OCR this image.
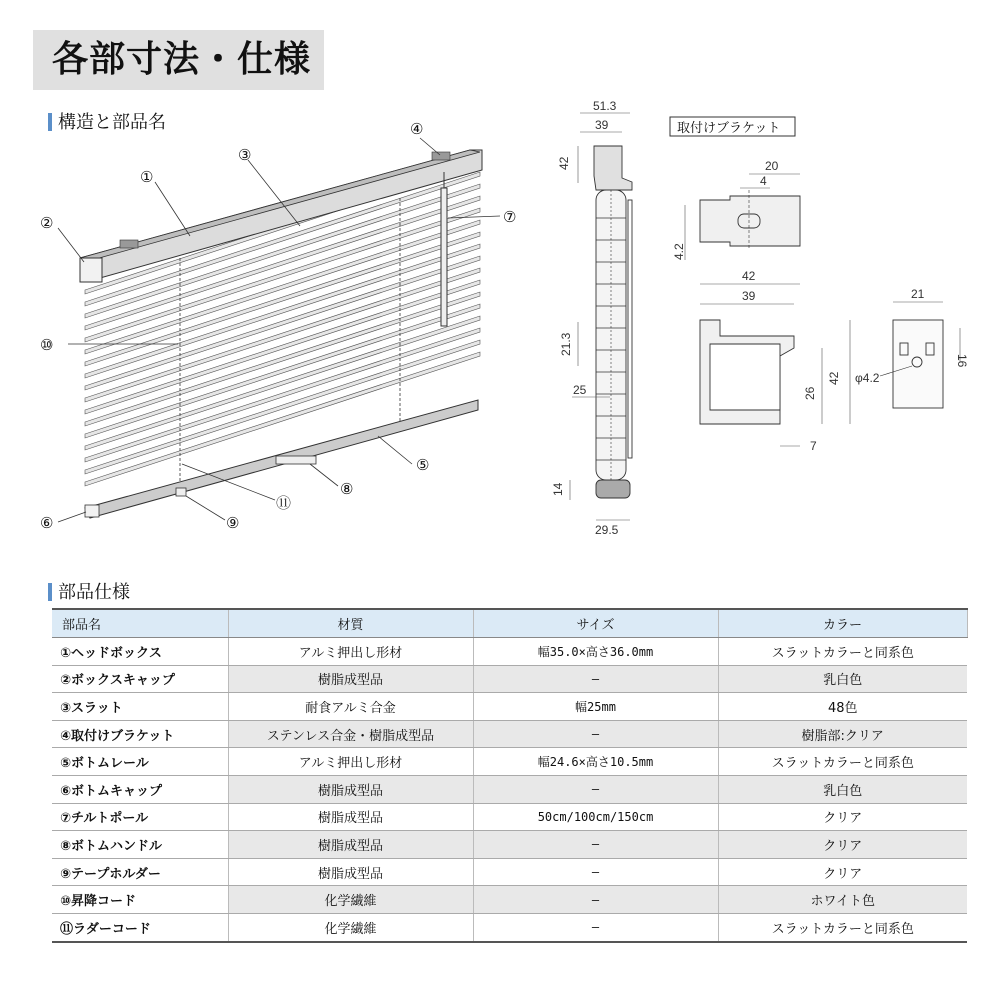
各部寸法・仕様
構造と部品名
①
②
③
④
⑤
⑥
⑦
⑧
⑨
⑩
⑪
51.3
39
42
21.3
25
14
29.5
取付けブラケット
20
4
4.2
42
39
42
26
7
21
16
φ4.2
部品仕様
部品名	材質	サイズ	カラー
①ヘッドボックス	アルミ押出し形材	幅35.0×高さ36.0mm	スラットカラーと同系色
②ボックスキャップ	樹脂成型品	—	乳白色
③スラット	耐食アルミ合金	幅25mm	48色
④取付けブラケット	ステンレス合金・樹脂成型品	—	樹脂部:クリア
⑤ボトムレール	アルミ押出し形材	幅24.6×高さ10.5mm	スラットカラーと同系色
⑥ボトムキャップ	樹脂成型品	—	乳白色
⑦チルトポール	樹脂成型品	50cm/100cm/150cm	クリア
⑧ボトムハンドル	樹脂成型品	—	クリア
⑨テープホルダー	樹脂成型品	—	クリア
⑩昇降コード	化学繊維	—	ホワイト色
⑪ラダーコード	化学繊維	—	スラットカラーと同系色
